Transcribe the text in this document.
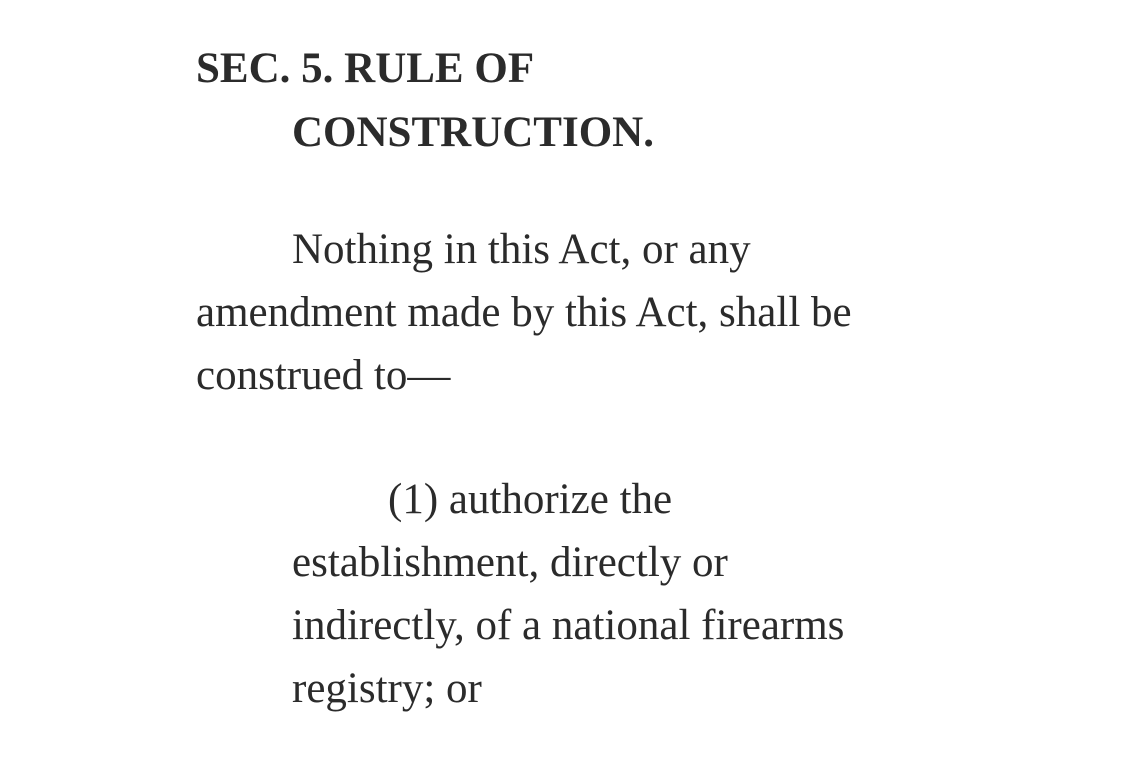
SEC. 5. RULE OF
CONSTRUCTION.

Nothing in this Act, or any
amendment made by this Act, shall be
construed to—

(1) authorize the
establishment, directly or
indirectly, of a national firearms
registry; or
